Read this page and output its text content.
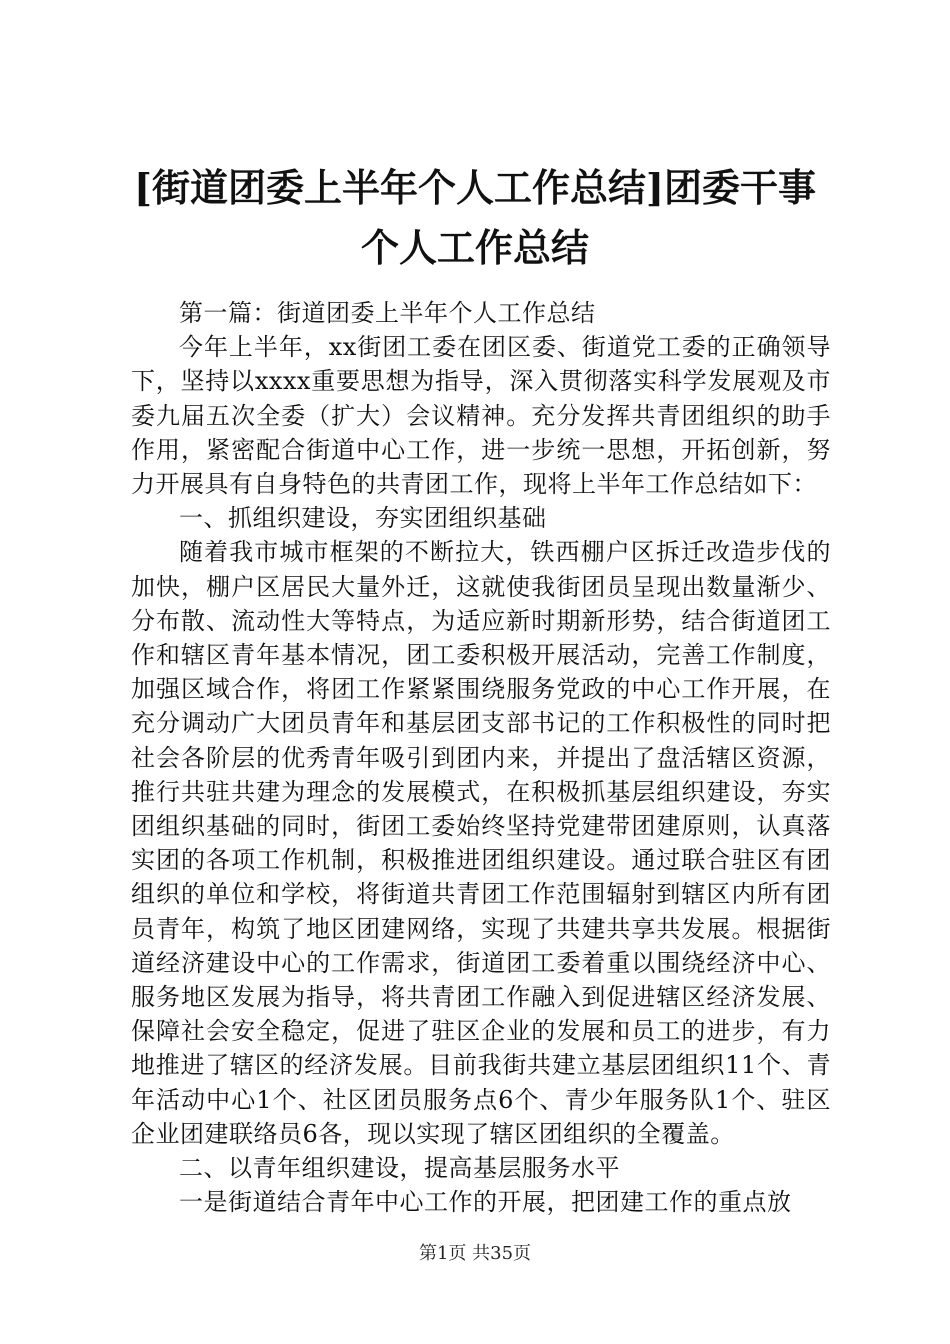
[街道团委上半年个人工作总结]团委干事个人工作总结

第一篇：街道团委上半年个人工作总结

今年上半年，xx街团工委在团区委、街道党工委的正确领导下，坚持以xxxx重要思想为指导，深入贯彻落实科学发展观及市委九届五次全委（扩大）会议精神。充分发挥共青团组织的助手作用，紧密配合街道中心工作，进一步统一思想，开拓创新，努力开展具有自身特色的共青团工作，现将上半年工作总结如下：

一、抓组织建设，夯实团组织基础

随着我市城市框架的不断拉大，铁西棚户区拆迁改造步伐的加快，棚户区居民大量外迁，这就使我街团员呈现出数量渐少、分布散、流动性大等特点，为适应新时期新形势，结合街道团工作和辖区青年基本情况，团工委积极开展活动，完善工作制度，加强区域合作，将团工作紧紧围绕服务党政的中心工作开展，在充分调动广大团员青年和基层团支部书记的工作积极性的同时把社会各阶层的优秀青年吸引到团内来，并提出了盘活辖区资源，推行共驻共建为理念的发展模式，在积极抓基层组织建设，夯实团组织基础的同时，街团工委始终坚持党建带团建原则，认真落实团的各项工作机制，积极推进团组织建设。通过联合驻区有团组织的单位和学校，将街道共青团工作范围辐射到辖区内所有团员青年，构筑了地区团建网络，实现了共建共享共发展。根据街道经济建设中心的工作需求，街道团工委着重以围绕经济中心、服务地区发展为指导，将共青团工作融入到促进辖区经济发展、保障社会安全稳定，促进了驻区企业的发展和员工的进步，有力地推进了辖区的经济发展。目前我街共建立基层团组织11个、青年活动中心1个、社区团员服务点6个、青少年服务队1个、驻区企业团建联络员6各，现以实现了辖区团组织的全覆盖。

二、以青年组织建设，提高基层服务水平

一是街道结合青年中心工作的开展，把团建工作的重点放

第1页 共35页
